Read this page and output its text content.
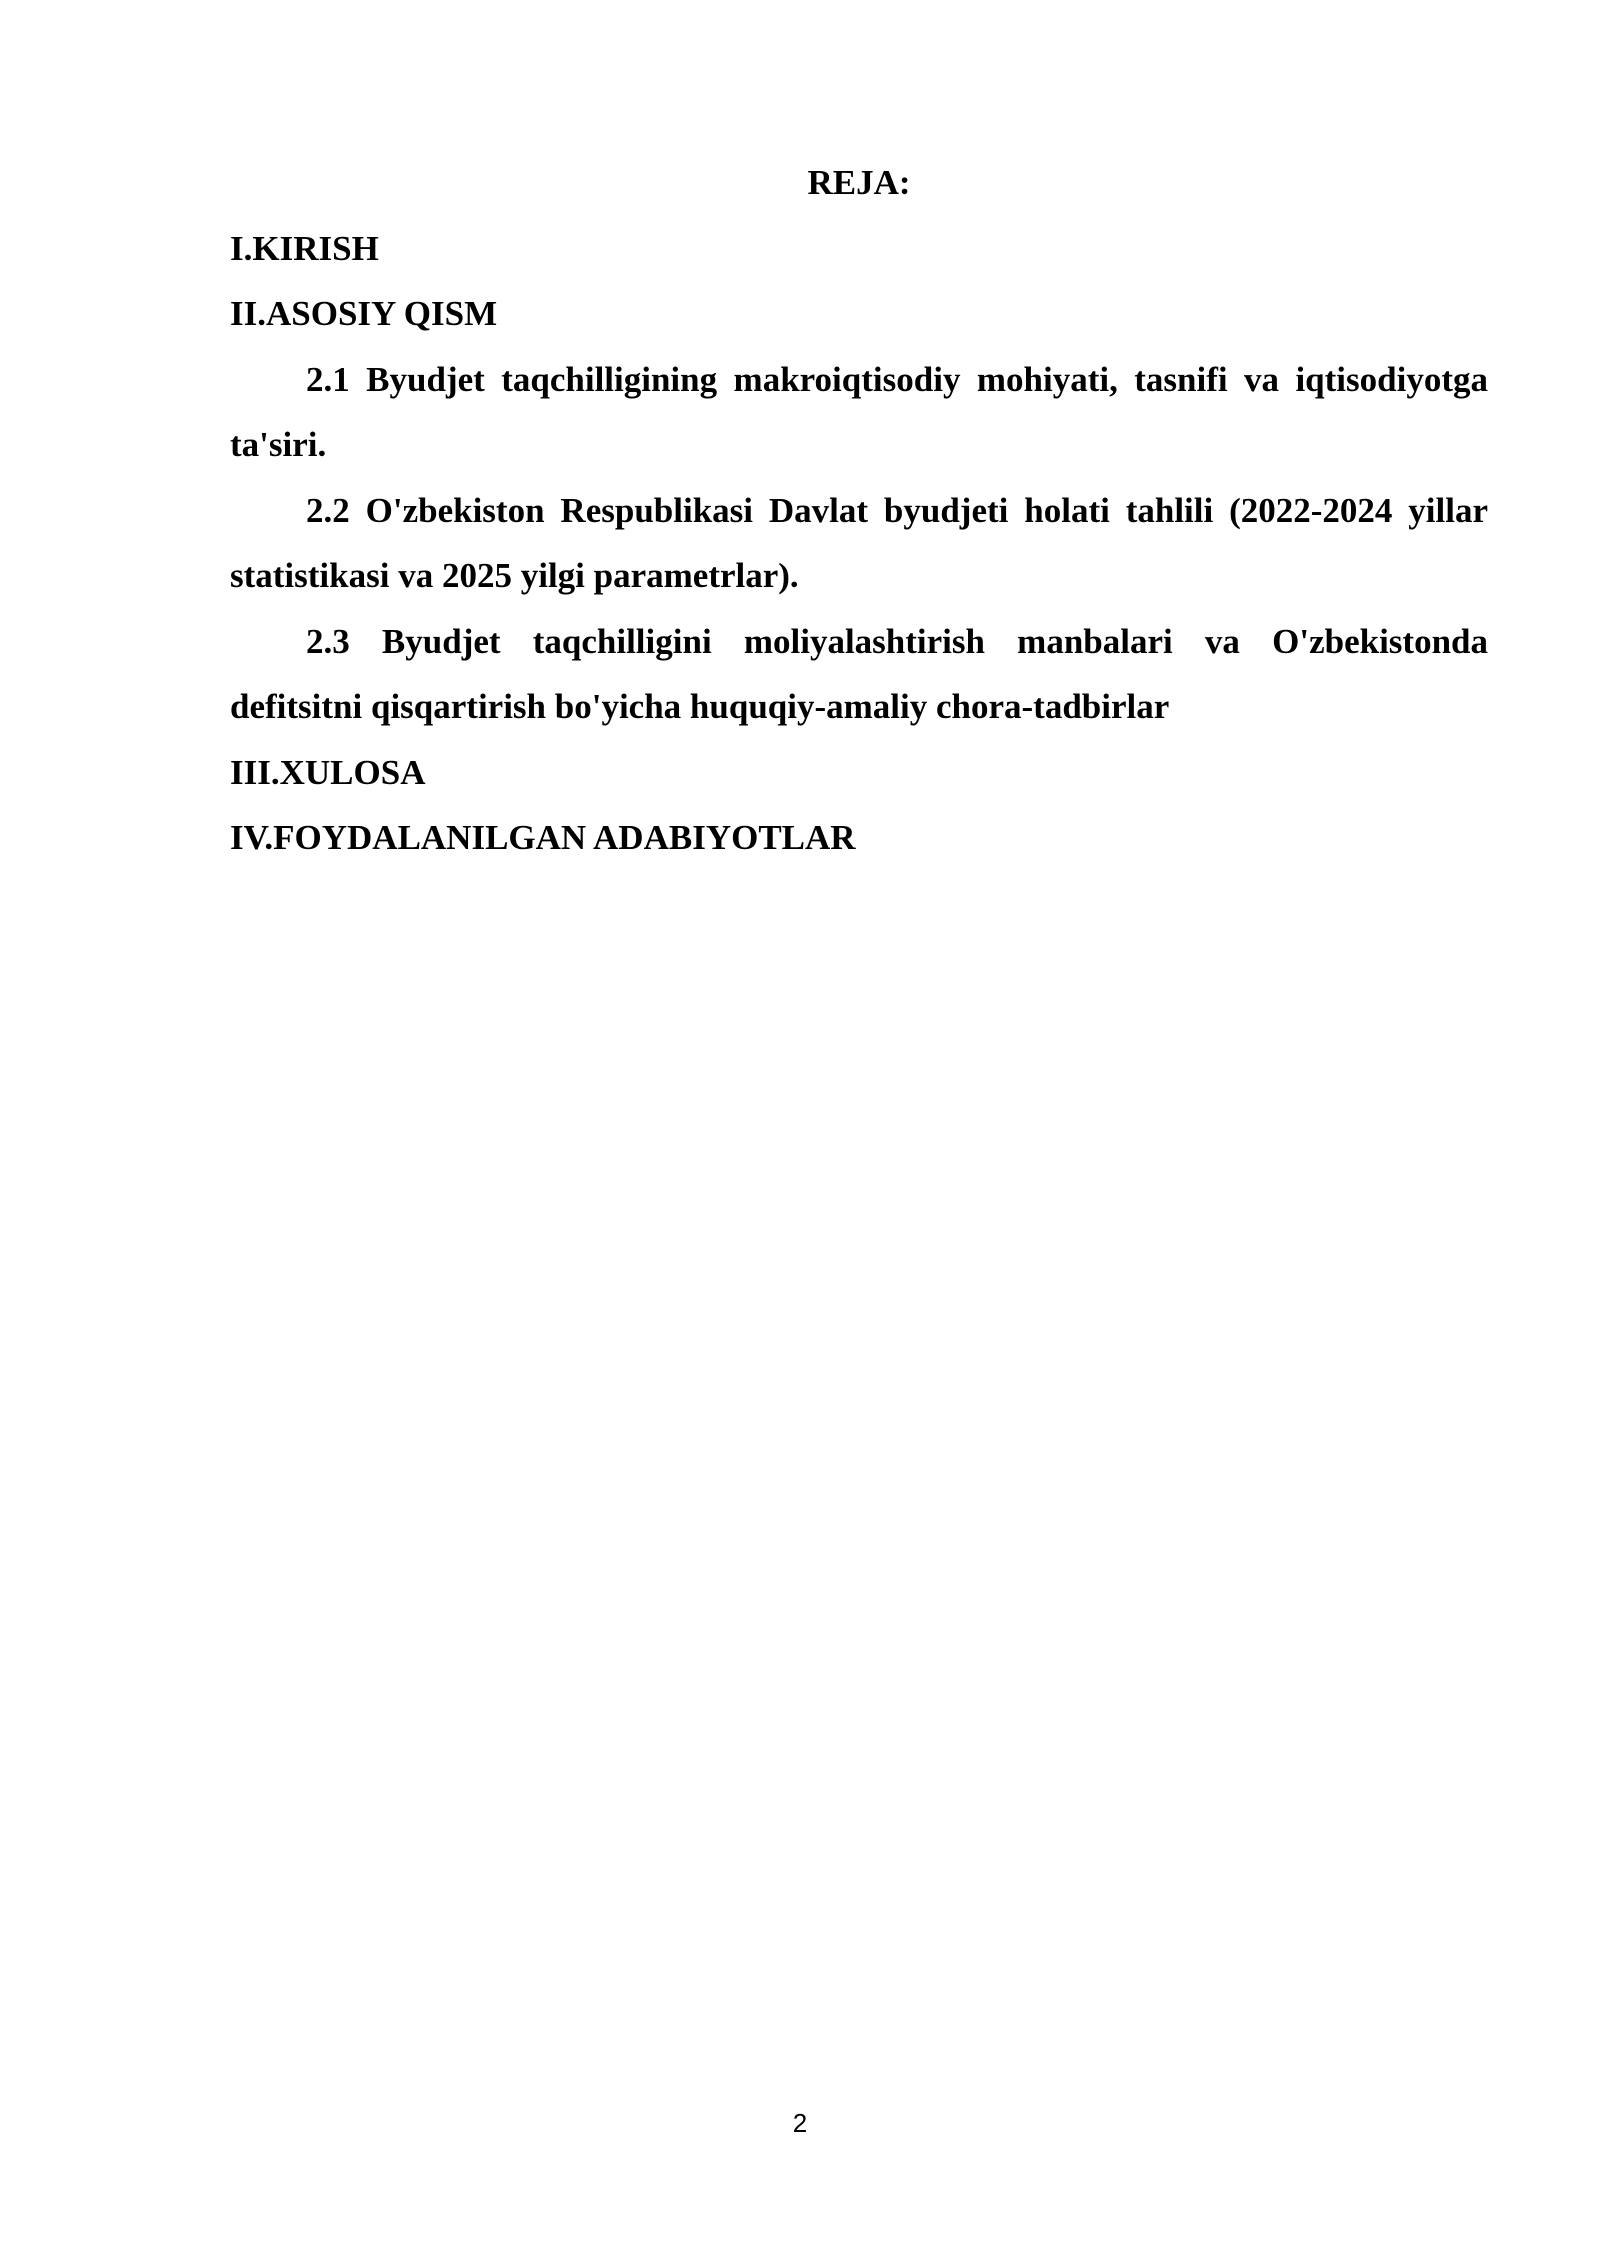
REJA:

I.KIRISH

II.ASOSIY QISM

2.1 Byudjet taqchilligining makroiqtisodiy mohiyati, tasnifi va iqtisodiyotga ta'siri.

2.2 O'zbekiston Respublikasi Davlat byudjeti holati tahlili (2022-2024 yillar statistikasi va 2025 yilgi parametrlar).

2.3 Byudjet taqchilligini moliyalashtirish manbalari va O'zbekistonda defitsitni qisqartirish bo'yicha huquqiy-amaliy chora-tadbirlar

III.XULOSA

IV.FOYDALANILGAN ADABIYOTLAR

2
